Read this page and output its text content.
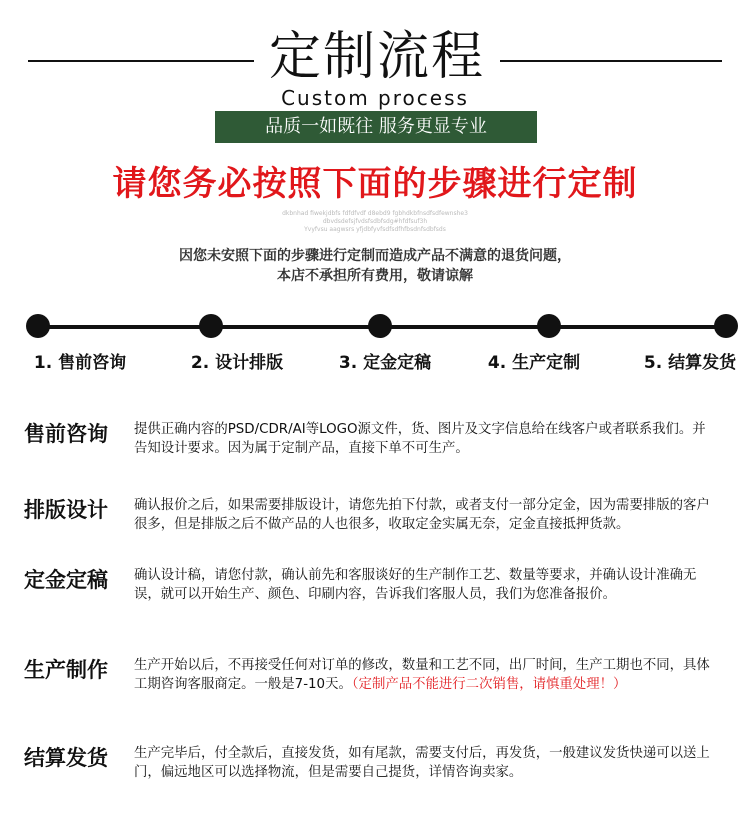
定制流程
Custom process
品质一如既往 服务更显专业
请您务必按照下面的步骤进行定制
dkbnhad fiwekjdbfs fdfdfvdf d8ebd9 fgbhdkbfnsdfsdfewnshe3
dbvdsdefsjfvdsfsdbfsdg#hfdfsuf3h
Yvyfvsu aagwsrs yfjdbfyvfsdfsdfhfbsdnfsdbfsds
因您未安照下面的步骤进行定制而造成产品不满意的退货问题，
本店不承担所有费用，敬请谅解
1. 售前咨询	2. 设计排版	3. 定金定稿	4. 生产定制	5. 结算发货
售前咨询 提供正确内容的PSD/CDR/AI等LOGO源文件，货、图片及文字信息给在线客户或者联系我们。并告知设计要求。因为属于定制产品，直接下单不可生产。
排版设计 确认报价之后，如果需要排版设计，请您先拍下付款，或者支付一部分定金，因为需要排版的客户很多，但是排版之后不做产品的人也很多，收取定金实属无奈，定金直接抵押货款。
定金定稿 确认设计稿，请您付款，确认前先和客服谈好的生产制作工艺、数量等要求，并确认设计准确无误，就可以开始生产、颜色、印刷内容，告诉我们客服人员，我们为您准备报价。
生产制作 生产开始以后，不再接受任何对订单的修改，数量和工艺不同，出厂时间，生产工期也不同，具体工期咨询客服商定。一般是7-10天。（定制产品不能进行二次销售，请慎重处理！）
结算发货 生产完毕后，付全款后，直接发货，如有尾款，需要支付后，再发货，一般建议发货快递可以送上门，偏远地区可以选择物流，但是需要自己提货，详情咨询卖家。
